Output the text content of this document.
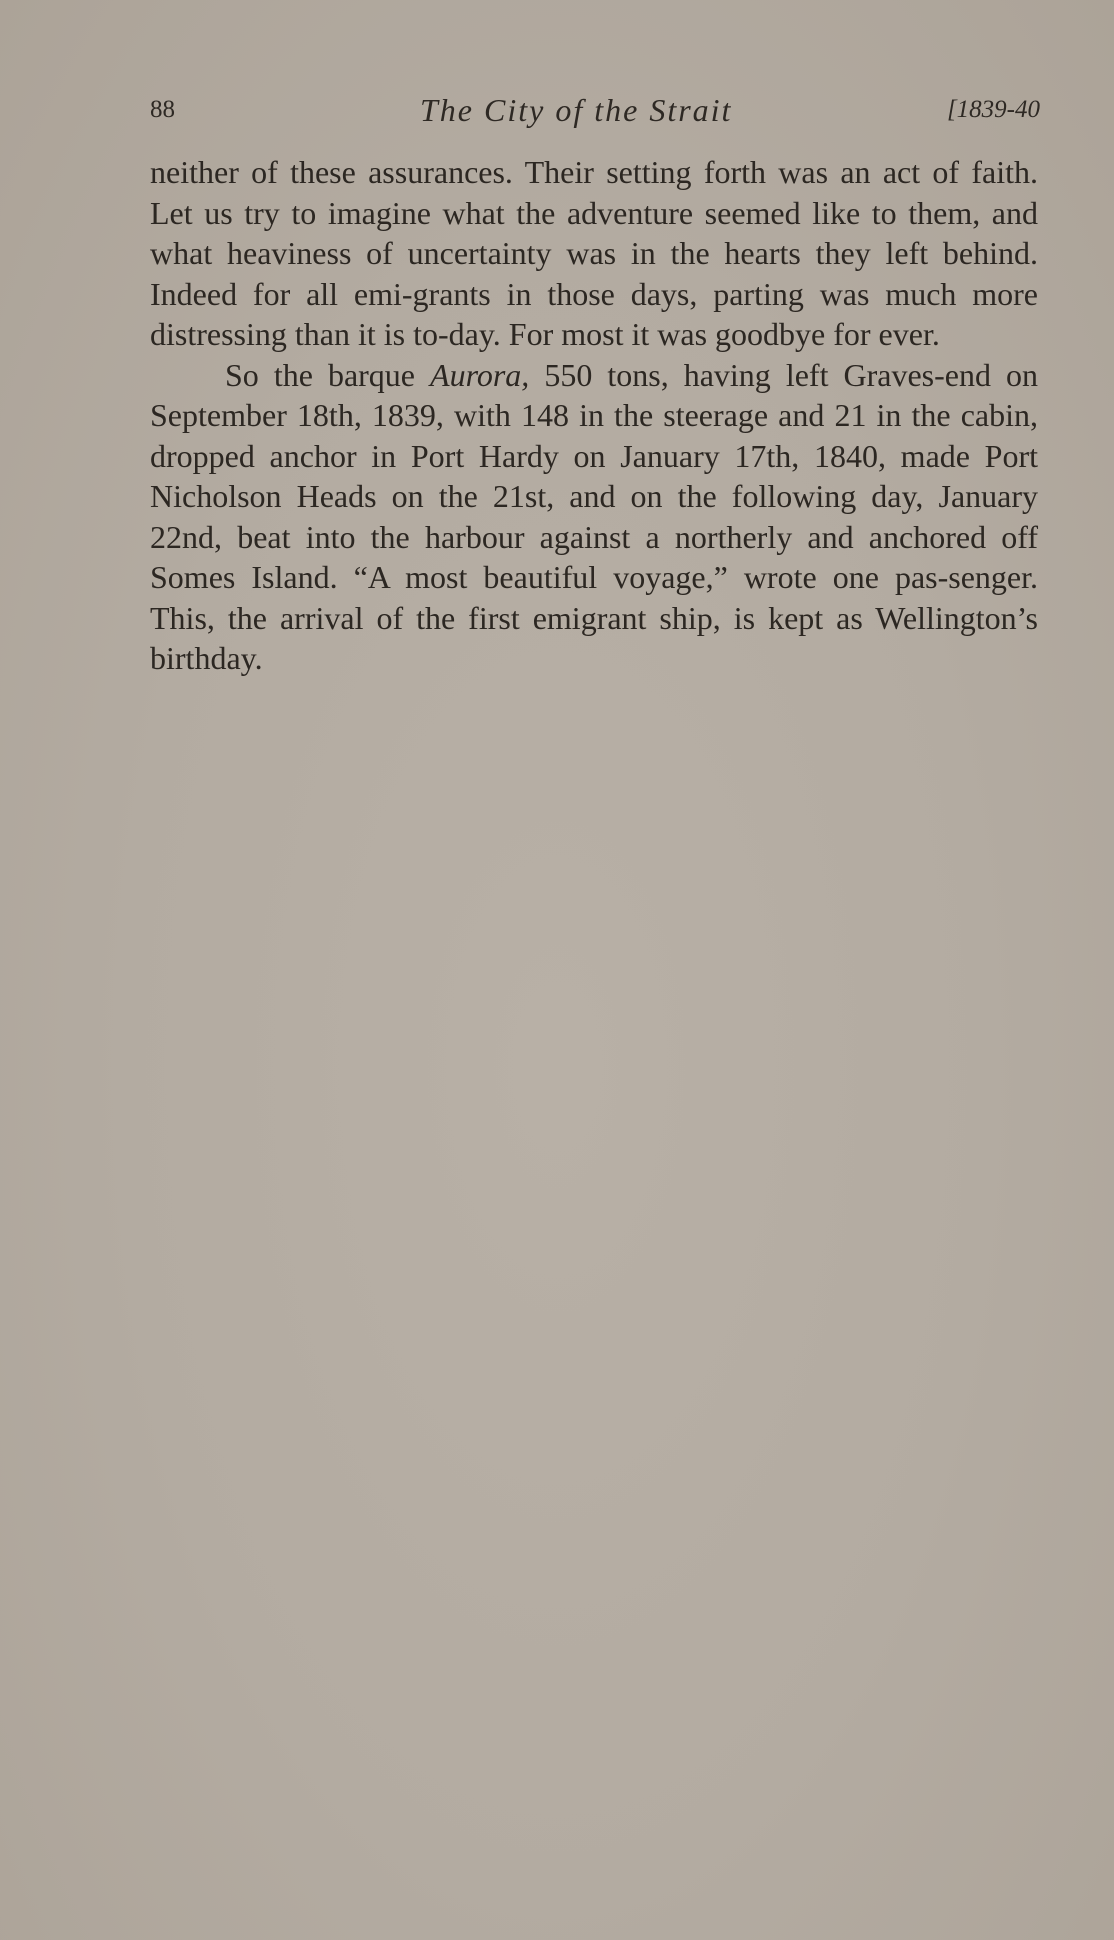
88	The City of the Strait	[1839-40

neither of these assurances. Their setting forth was an act of faith. Let us try to imagine what the adventure seemed like to them, and what heaviness of uncertainty was in the hearts they left behind. Indeed for all emi-grants in those days, parting was much more distressing than it is to-day. For most it was goodbye for ever.

So the barque Aurora, 550 tons, having left Graves-end on September 18th, 1839, with 148 in the steerage and 21 in the cabin, dropped anchor in Port Hardy on January 17th, 1840, made Port Nicholson Heads on the 21st, and on the following day, January 22nd, beat into the harbour against a northerly and anchored off Somes Island. “A most beautiful voyage,” wrote one pas-senger. This, the arrival of the first emigrant ship, is kept as Wellington’s birthday.
